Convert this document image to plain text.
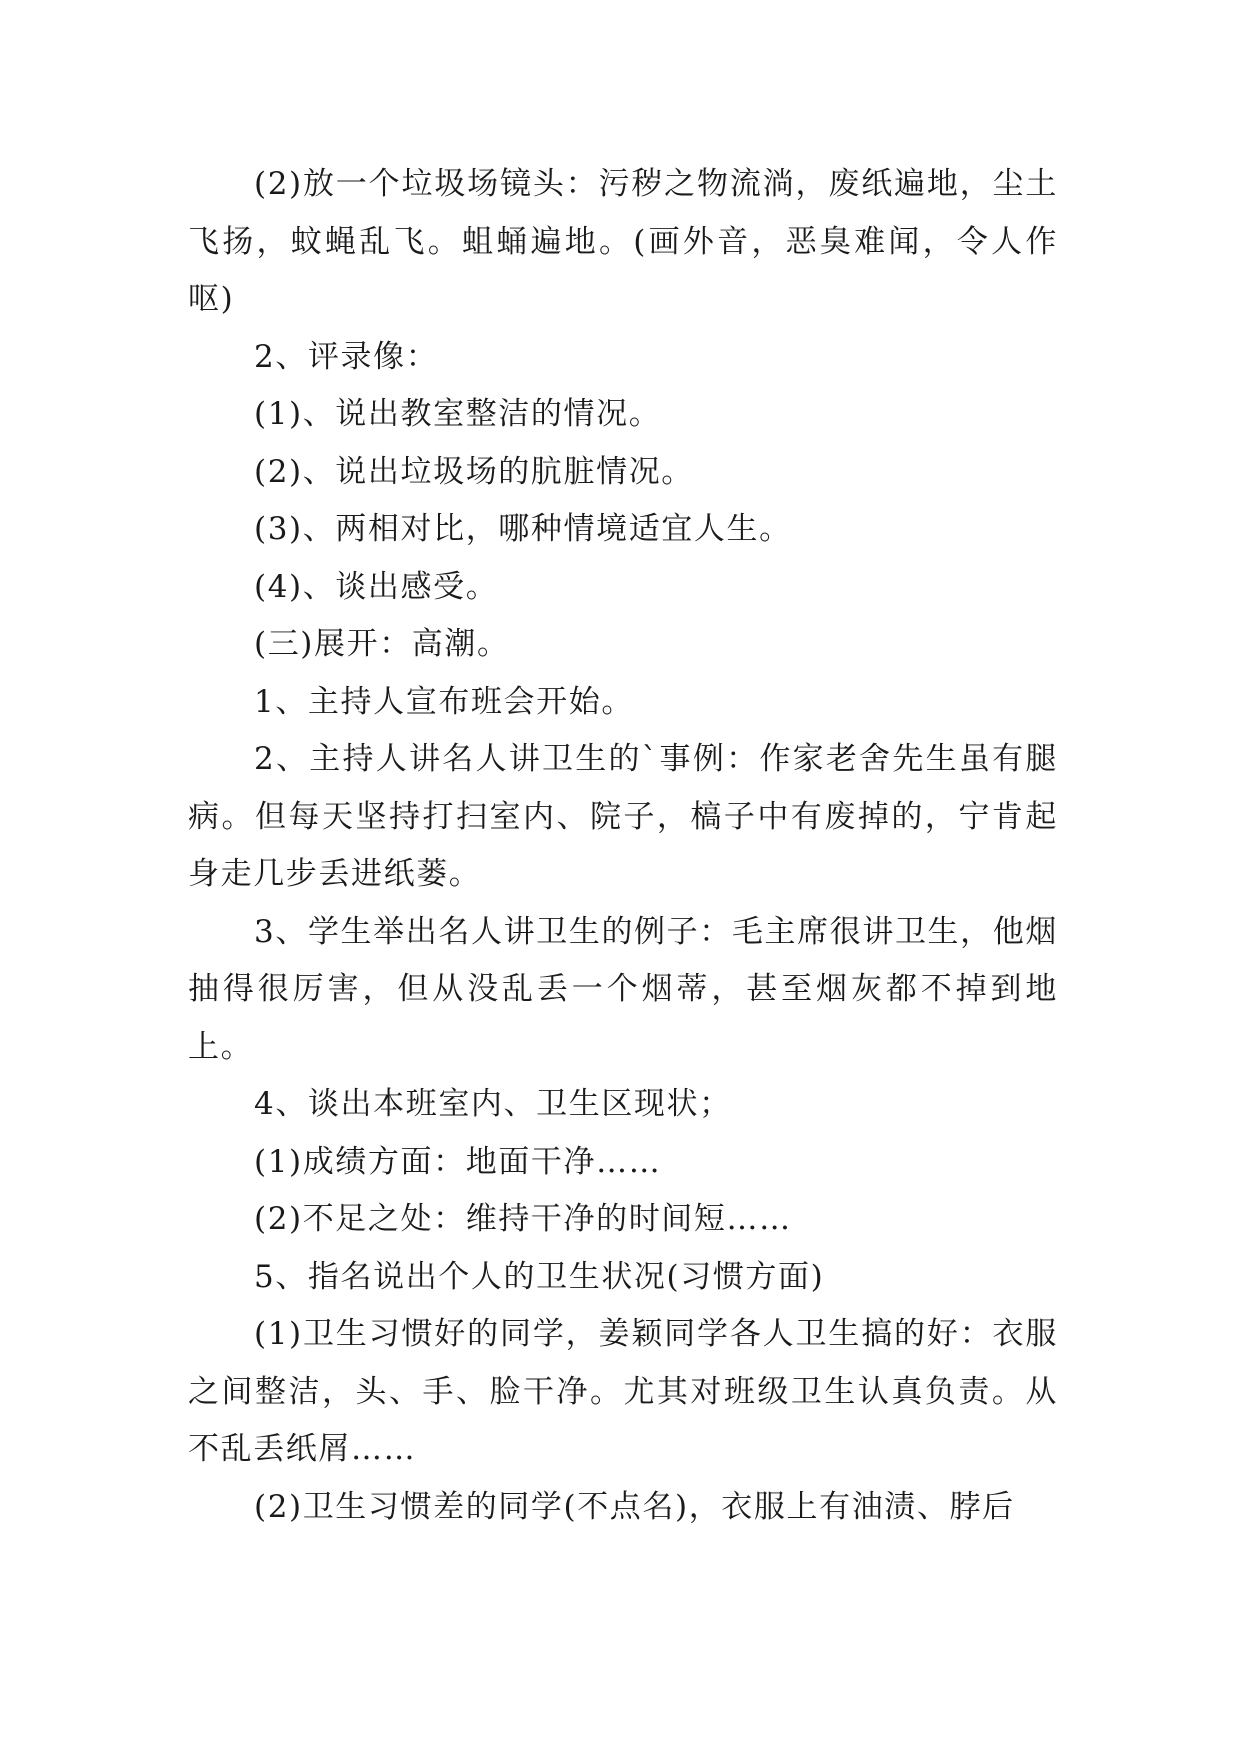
(2)放一个垃圾场镜头：污秽之物流淌，废纸遍地，尘土飞扬，蚊蝇乱飞。蛆蛹遍地。(画外音，恶臭难闻，令人作呕)

2、评录像：

(1)、说出教室整洁的情况。

(2)、说出垃圾场的肮脏情况。

(3)、两相对比，哪种情境适宜人生。

(4)、谈出感受。

(三)展开：高潮。

1、主持人宣布班会开始。

2、主持人讲名人讲卫生的`事例：作家老舍先生虽有腿病。但每天坚持打扫室内、院子，槁子中有废掉的，宁肯起身走几步丢进纸蒌。

3、学生举出名人讲卫生的例子：毛主席很讲卫生，他烟抽得很厉害，但从没乱丢一个烟蒂，甚至烟灰都不掉到地上。

4、谈出本班室内、卫生区现状；

(1)成绩方面：地面干净……

(2)不足之处：维持干净的时间短……

5、指名说出个人的卫生状况(习惯方面)

(1)卫生习惯好的同学，姜颖同学各人卫生搞的好：衣服之间整洁，头、手、脸干净。尤其对班级卫生认真负责。从不乱丢纸屑……

(2)卫生习惯差的同学(不点名)，衣服上有油渍、脖后
